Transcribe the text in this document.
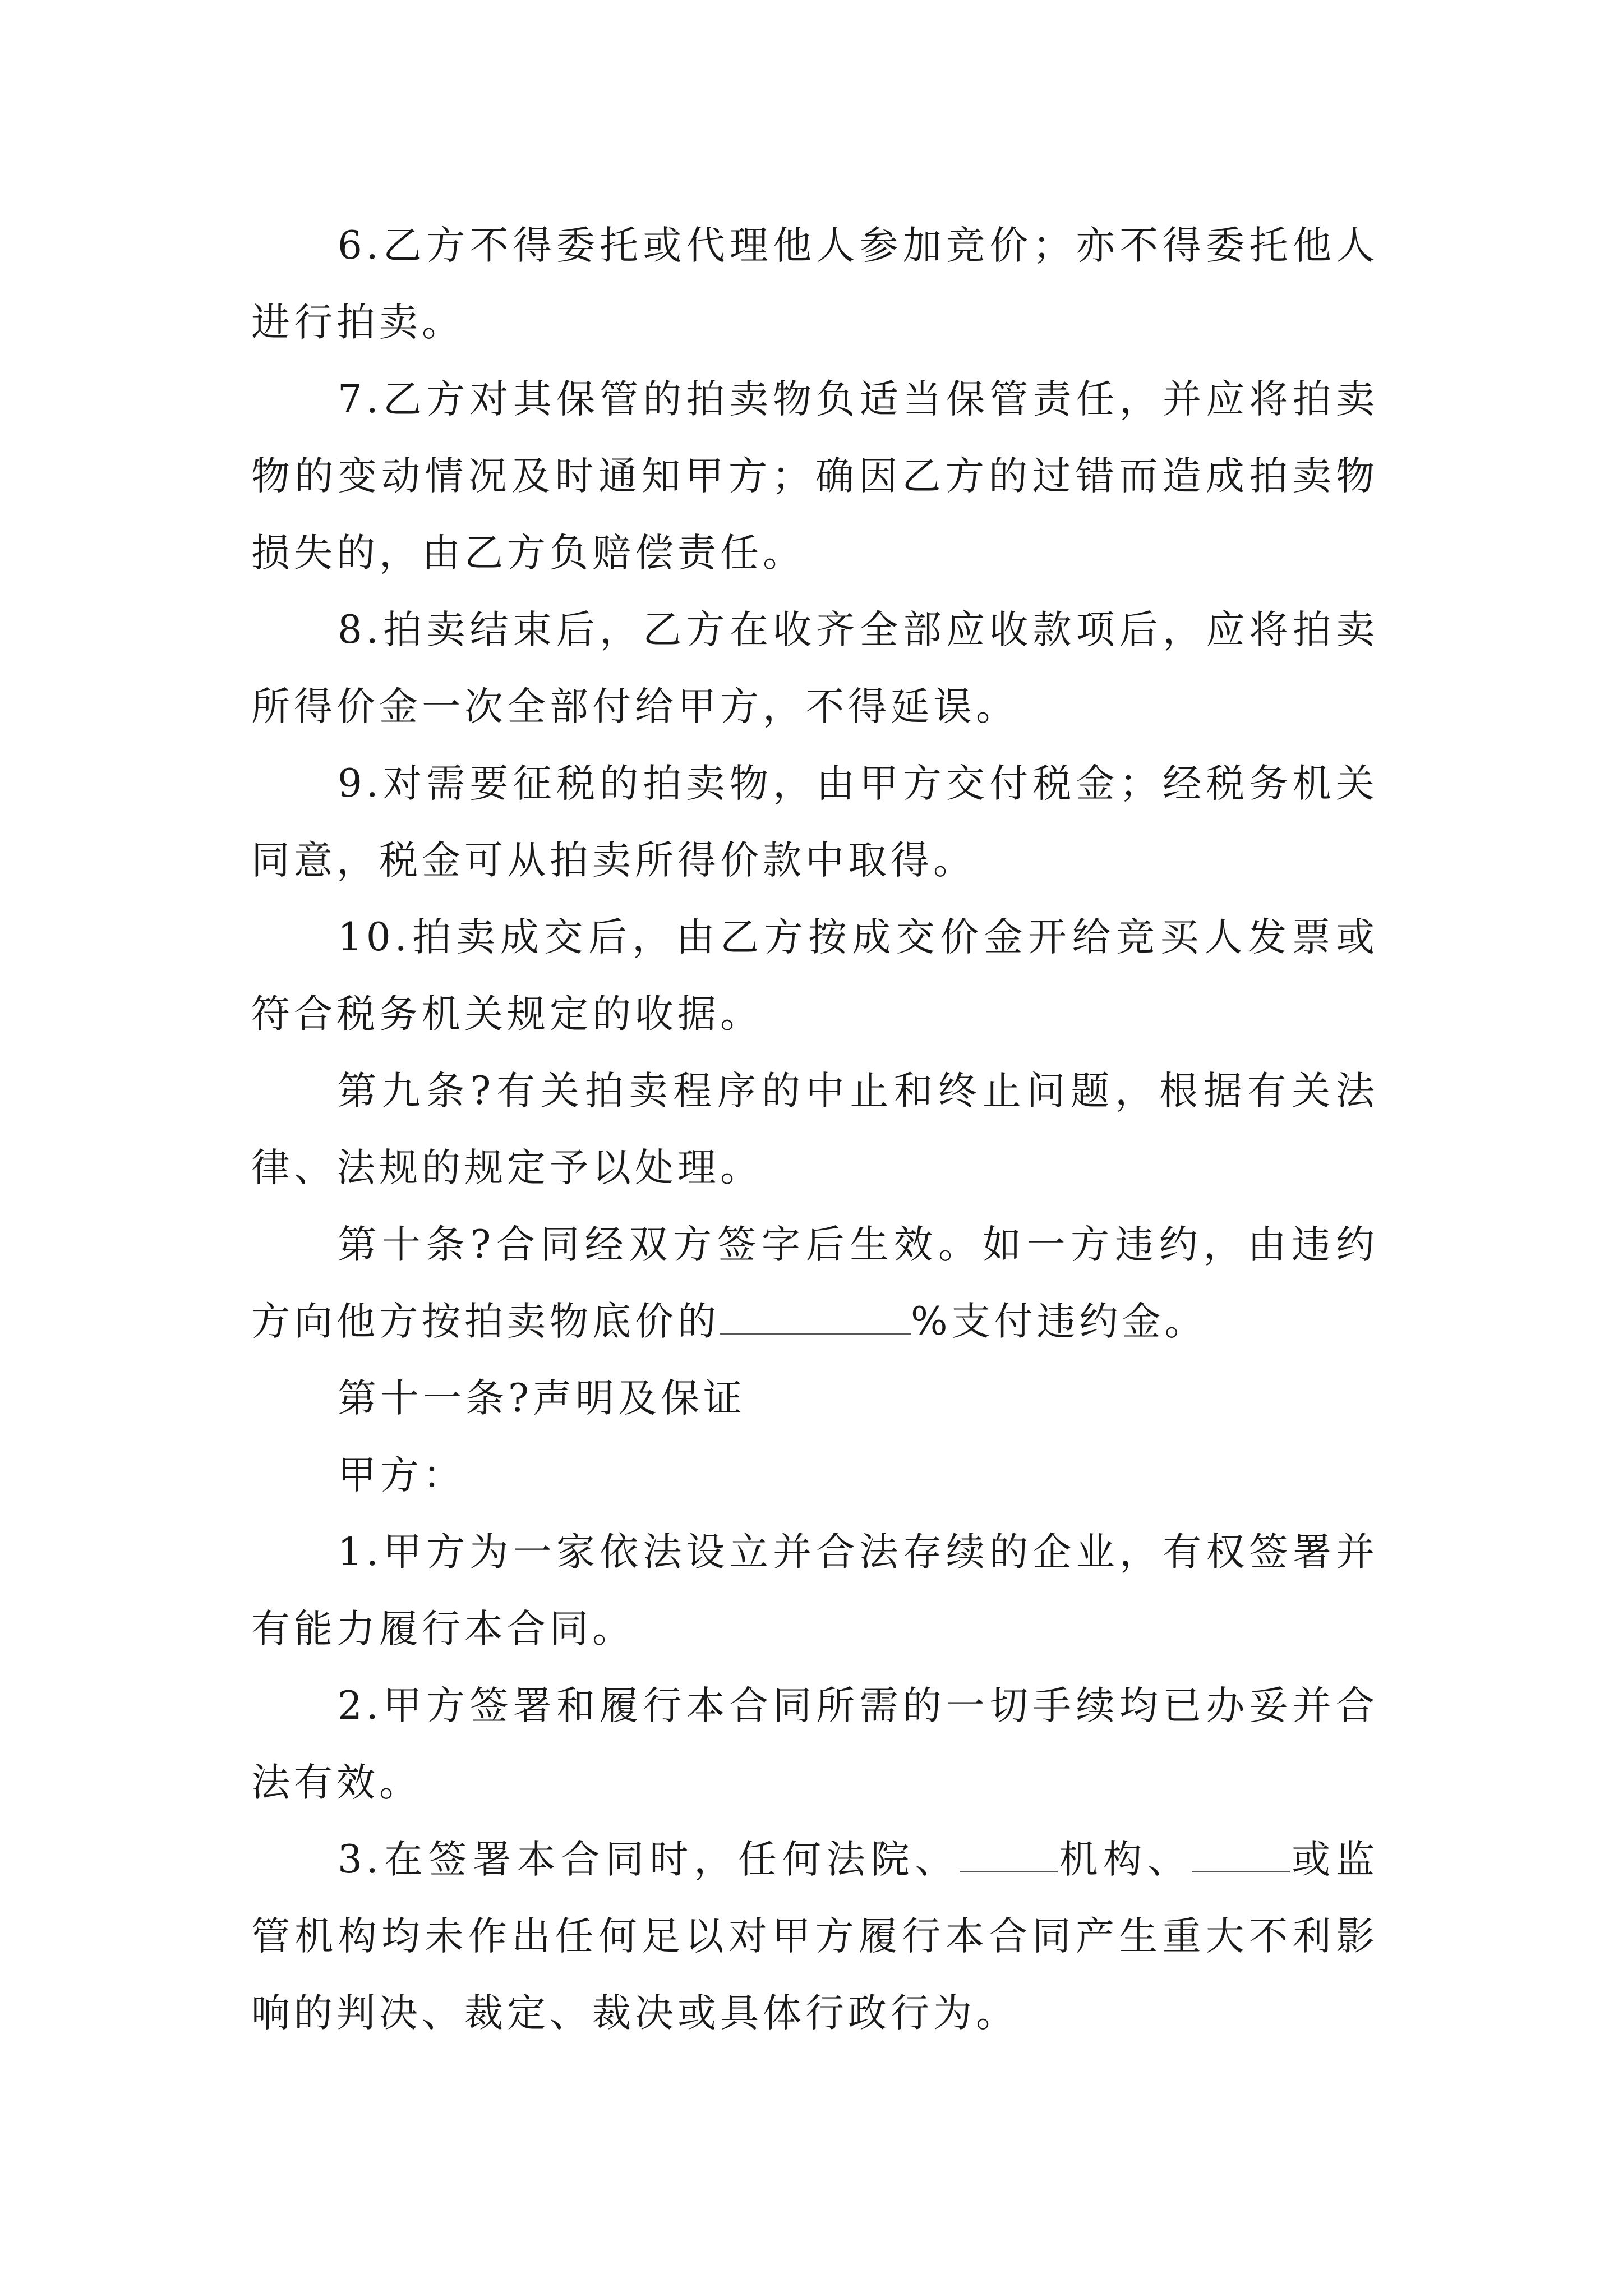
6.乙方不得委托或代理他人参加竞价；亦不得委托他人进行拍卖。

7.乙方对其保管的拍卖物负适当保管责任，并应将拍卖物的变动情况及时通知甲方；确因乙方的过错而造成拍卖物损失的，由乙方负赔偿责任。

8.拍卖结束后，乙方在收齐全部应收款项后，应将拍卖所得价金一次全部付给甲方，不得延误。

9.对需要征税的拍卖物，由甲方交付税金；经税务机关同意，税金可从拍卖所得价款中取得。

10.拍卖成交后，由乙方按成交价金开给竞买人发票或符合税务机关规定的收据。

第九条?有关拍卖程序的中止和终止问题，根据有关法律、法规的规定予以处理。

第十条?合同经双方签字后生效。如一方违约，由违约方向他方按拍卖物底价的	%支付违约金。

第十一条?声明及保证

甲方：

1.甲方为一家依法设立并合法存续的企业，有权签署并有能力履行本合同。

2.甲方签署和履行本合同所需的一切手续均已办妥并合法有效。

3.在签署本合同时，任何法院、	机构、	或监管机构均未作出任何足以对甲方履行本合同产生重大不利影响的判决、裁定、裁决或具体行政行为。
